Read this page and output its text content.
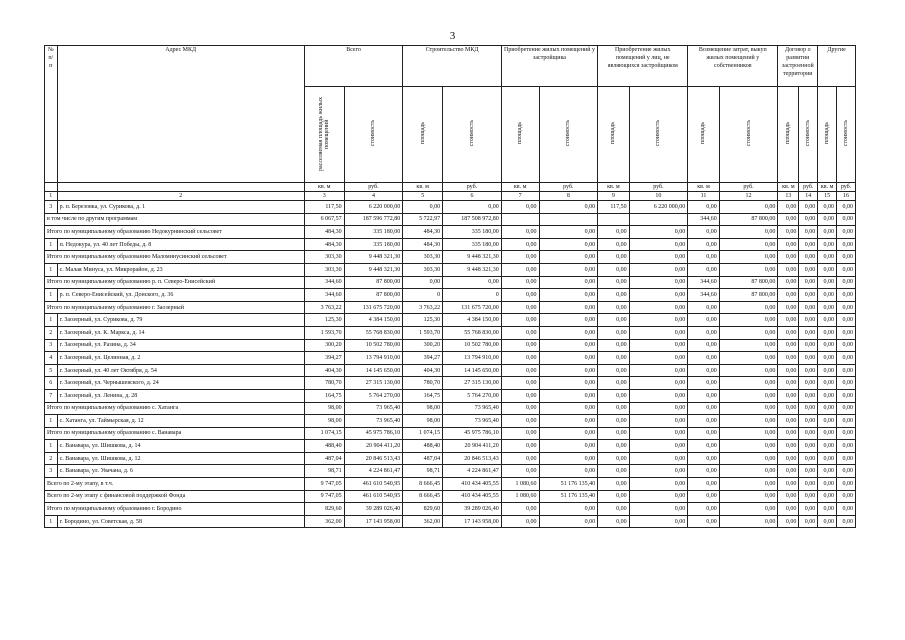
3
№ п/п	Адрес МКД	Всего		Строительство МКД		Приобретение жилых помещений у застройщика		Приобретение жилых помещений у лиц, не являющихся застройщиком		Возмещение затрат, выкуп жилых помещений у собственников		Договор о развитии застроенной территории		Другие	
		расселяемая площадь жилых помещений	стоимость	площадь	стоимость	площадь	стоимость	площадь	стоимость	площадь	стоимость	площадь	стоимость	площадь	стоимость
		кв. м	руб.	кв. м	руб.	кв. м	руб.	кв. м	руб.	кв. м	руб.	кв. м	руб.	кв. м	руб.
1	2	3	4	5	6	7	8	9	10	11	12	13	14	15	16
3	р. п. Березовка, ул. Сурикова, д. 1	117,50	6 220 000,00	0,00	0,00	0,00	0,00	117,50	6 220 000,00	0,00	0,00	0,00	0,00	0,00	0,00
в том числе по другим программам		6 067,57	187 596 772,80	5 722,97	187 508 972,80					344,60	87 800,00	0,00	0,00	0,00	0,00
Итого по муниципальному образованию Недокурнинский сельсовет		484,30	335 180,00	484,30	335 180,00	0,00	0,00	0,00	0,00	0,00	0,00	0,00	0,00	0,00	0,00
1	п. Недокура, ул. 40 лет Победы, д. 8	484,30	335 180,00	484,30	335 180,00	0,00	0,00	0,00	0,00	0,00	0,00	0,00	0,00	0,00	0,00
Итого по муниципальному образованию Маломинусинский сельсовет		303,30	9 448 321,30	303,30	9 448 321,30	0,00	0,00	0,00	0,00	0,00	0,00	0,00	0,00	0,00	0,00
1	с. Малая Минуса, ул. Микрорайон, д. 23	303,30	9 448 321,30	303,30	9 448 321,30	0,00	0,00	0,00	0,00	0,00	0,00	0,00	0,00	0,00	0,00
Итого по муниципальному образованию р. п. Северо-Енисейский		344,60	87 800,00	0,00	0,00	0,00	0,00	0,00	0,00	344,60	87 800,00	0,00	0,00	0,00	0,00
1	р. п. Северо-Енисейский, ул. Донского, д. 36	344,60	87 800,00	0	0	0,00	0,00	0,00	0,00	344,60	87 800,00	0,00	0,00	0,00	0,00
Итого по муниципальному образованию г. Заозерный		3 763,22	131 675 720,00	3 763,22	131 675 720,00	0,00	0,00	0,00	0,00	0,00	0,00	0,00	0,00	0,00	0,00
1	г. Заозерный, ул. Сурикова, д. 79	125,30	4 384 150,00	125,30	4 384 150,00	0,00	0,00	0,00	0,00	0,00	0,00	0,00	0,00	0,00	0,00
2	г. Заозерный, ул. К. Маркса, д. 14	1 593,70	55 768 830,00	1 593,70	55 768 830,00	0,00	0,00	0,00	0,00	0,00	0,00	0,00	0,00	0,00	0,00
3	г. Заозерный, ул. Разина, д. 34	300,20	10 502 780,00	300,20	10 502 780,00	0,00	0,00	0,00	0,00	0,00	0,00	0,00	0,00	0,00	0,00
4	г. Заозерный, ул. Целинная, д. 2	394,27	13 794 910,00	394,27	13 794 910,00	0,00	0,00	0,00	0,00	0,00	0,00	0,00	0,00	0,00	0,00
5	г. Заозерный, ул. 40 лет Октября, д. 54	404,30	14 145 650,00	404,30	14 145 650,00	0,00	0,00	0,00	0,00	0,00	0,00	0,00	0,00	0,00	0,00
6	г. Заозерный, ул. Чернышевского, д. 24	780,70	27 315 130,00	780,70	27 315 130,00	0,00	0,00	0,00	0,00	0,00	0,00	0,00	0,00	0,00	0,00
7	г. Заозерный, ул. Ленина, д. 28	164,75	5 764 270,00	164,75	5 764 270,00	0,00	0,00	0,00	0,00	0,00	0,00	0,00	0,00	0,00	0,00
Итого по муниципальному образованию с. Хатанга		98,00	73 965,40	98,00	73 965,40	0,00	0,00	0,00	0,00	0,00	0,00	0,00	0,00	0,00	0,00
1	с. Хатанга, ул. Таймырская, д. 12	98,00	73 965,40	98,00	73 965,40	0,00	0,00	0,00	0,00	0,00	0,00	0,00	0,00	0,00	0,00
Итого по муниципальному образованию с. Ванавара		1 074,15	45 975 786,10	1 074,15	45 975 786,10	0,00	0,00	0,00	0,00	0,00	0,00	0,00	0,00	0,00	0,00
1	с. Ванавара, ул. Шишкова, д. 14	488,40	20 904 411,20	488,40	20 904 411,20	0,00	0,00	0,00	0,00	0,00	0,00	0,00	0,00	0,00	0,00
2	с. Ванавара, ул. Шишкова, д. 12	487,04	20 846 513,43	487,04	20 846 513,43	0,00	0,00	0,00	0,00	0,00	0,00	0,00	0,00	0,00	0,00
3	с. Ванавара, ул. Увачана, д. 6	98,71	4 224 861,47	98,71	4 224 861,47	0,00	0,00	0,00	0,00	0,00	0,00	0,00	0,00	0,00	0,00
Всего по 2-му этапу, в т.ч.		9 747,05	461 610 540,95	8 666,45	410 434 405,55	1 080,60	51 176 135,40	0,00	0,00	0,00	0,00	0,00	0,00	0,00	0,00
Всего по 2-му этапу с финансовой поддержкой Фонда		9 747,05	461 610 540,95	8 666,45	410 434 405,55	1 080,60	51 176 135,40	0,00	0,00	0,00	0,00	0,00	0,00	0,00	0,00
Итого по муниципальному образованию г. Бородино		829,60	39 289 026,40	829,60	39 289 026,40	0,00	0,00	0,00	0,00	0,00	0,00	0,00	0,00	0,00	0,00
1	г. Бородино, ул. Советская, д. 58	362,00	17 143 958,00	362,00	17 143 958,00	0,00	0,00	0,00	0,00	0,00	0,00	0,00	0,00	0,00	0,00
